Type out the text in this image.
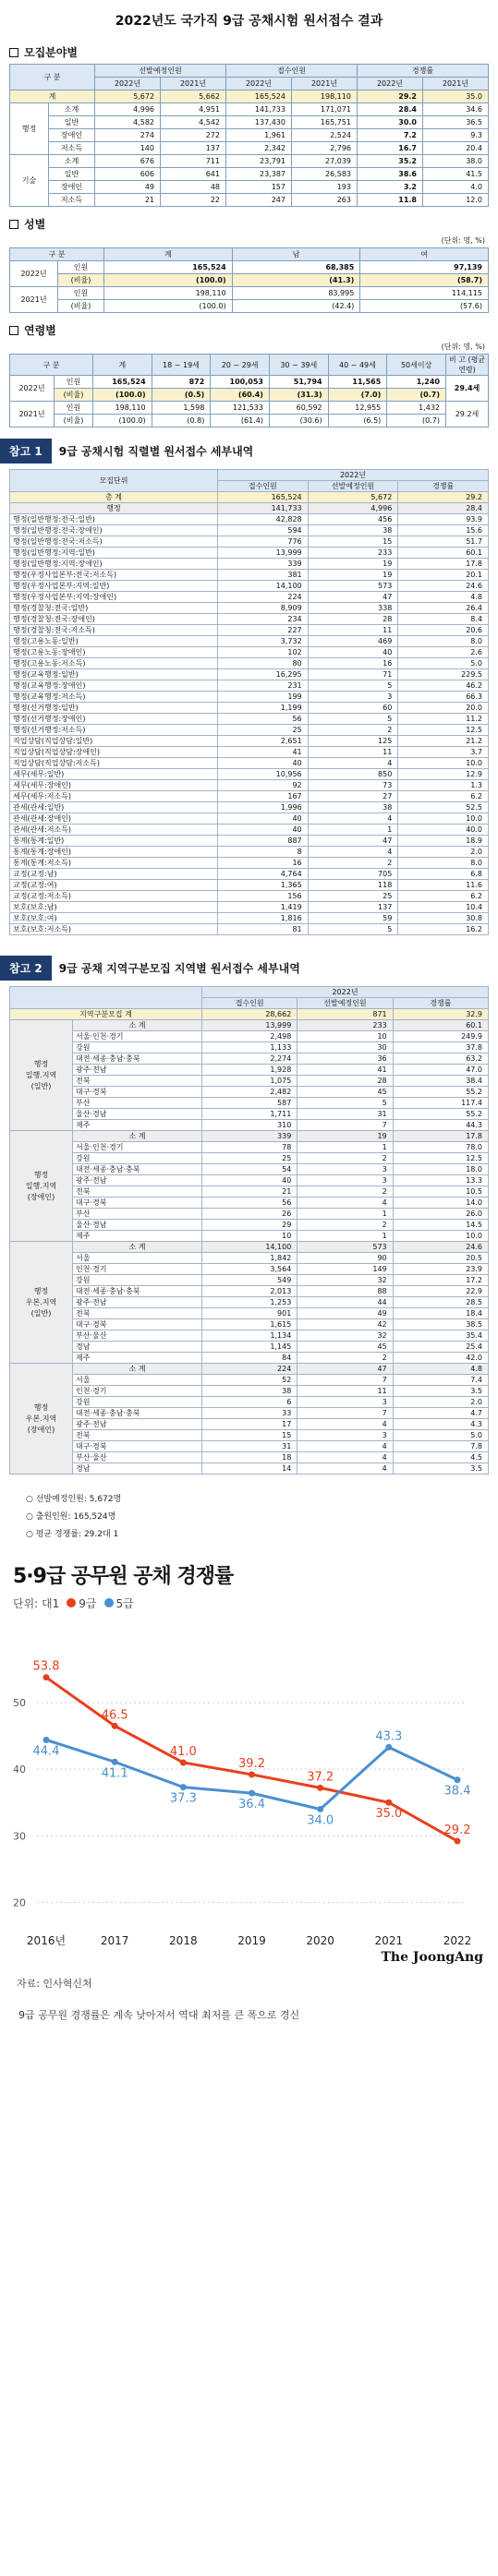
2022년도 국가직 9급 공채시험 원서접수 결과
모집분야별
구 분		선발예정인원		접수인원		경쟁률	
		2022년	2021년	2022년	2021년	2022년	2021년
계		5,672	5,662	165,524	198,110	29.2	35.0
행정	소계	4,996	4,951	141,733	171,071	28.4	34.6
	일반	4,582	4,542	137,430	165,751	30.0	36.5
	장애인	274	272	1,961	2,524	7.2	9.3
	저소득	140	137	2,342	2,796	16.7	20.4
기술	소계	676	711	23,791	27,039	35.2	38.0
	일반	606	641	23,387	26,583	38.6	41.5
	장애인	49	48	157	193	3.2	4.0
	저소득	21	22	247	263	11.8	12.0
성별
(단위: 명, %)
구 분		계	남	여
2022년	인원	165,524	68,385	97,139
	(비율)	(100.0)	(41.3)	(58.7)
2021년	인원	198,110	83,995	114,115
	(비율)	(100.0)	(42.4)	(57.6)
연령별
(단위: 명, %)
구 분		계	18 ~ 19세	20 ~ 29세	30 ~ 39세	40 ~ 49세	50세이상	비 고 (평균연령)
2022년	인원	165,524	872	100,053	51,794	11,565	1,240	29.4세
	(비율)	(100.0)	(0.5)	(60.4)	(31.3)	(7.0)	(0.7)	
2021년	인원	198,110	1,598	121,533	60,592	12,955	1,432	29.2세
	(비율)	(100.0)	(0.8)	(61.4)	(30.6)	(6.5)	(0.7)	
참고 1	9급 공채시험 직렬별 원서접수 세부내역
모집단위	2022년		
	접수인원	선발예정인원	경쟁률
총 계	165,524	5,672	29.2
행정	141,733	4,996	28.4
행정(일반행정:전국:일반)	42,828	456	93.9
행정(일반행정:전국:장애인)	594	38	15.6
행정(일반행정:전국:저소득)	776	15	51.7
행정(일반행정:지역:일반)	13,999	233	60.1
행정(일반행정:지역:장애인)	339	19	17.8
행정(우정사업본부:전국:저소득)	381	19	20.1
행정(우정사업본부:지역:일반)	14,100	573	24.6
행정(우정사업본부:지역:장애인)	224	47	4.8
행정(경찰청:전국:일반)	8,909	338	26.4
행정(경찰청:전국:장애인)	234	28	8.4
행정(경찰청:전국:저소득)	227	11	20.6
행정(고용노동:일반)	3,732	469	8.0
행정(고용노동:장애인)	102	40	2.6
행정(고용노동:저소득)	80	16	5.0
행정(교육행정:일반)	16,295	71	229.5
행정(교육행정:장애인)	231	5	46.2
행정(교육행정:저소득)	199	3	66.3
행정(선거행정:일반)	1,199	60	20.0
행정(선거행정:장애인)	56	5	11.2
행정(선거행정:저소득)	25	2	12.5
직업상담(직업상담:일반)	2,651	125	21.2
직업상담(직업상담:장애인)	41	11	3.7
직업상담(직업상담:저소득)	40	4	10.0
세무(세무:일반)	10,956	850	12.9
세무(세무:장애인)	92	73	1.3
세무(세무:저소득)	167	27	6.2
관세(관세:일반)	1,996	38	52.5
관세(관세:장애인)	40	4	10.0
관세(관세:저소득)	40	1	40.0
통계(통계:일반)	887	47	18.9
통계(통계:장애인)	8	4	2.0
통계(통계:저소득)	16	2	8.0
교정(교정:남)	4,764	705	6.8
교정(교정:여)	1,365	118	11.6
교정(교정:저소득)	156	25	6.2
보호(보호:남)	1,419	137	10.4
보호(보호:여)	1,816	59	30.8
보호(보호:저소득)	81	5	16.2
참고 2	9급 공채 지역구분모집 지역별 원서접수 세부내역
		2022년		
		접수인원	선발예정인원	경쟁률
지역구분모집 계		28,662	871	32.9

행정
일행.지역
(일반)	소 계	13,999	233	60.1
	서울·인천·경기	2,498	10	249.9
	강원	1,133	30	37.8
	대전·세종·충남·충북	2,274	36	63.2
	광주·전남	1,928	41	47.0
	전북	1,075	28	38.4
	대구·경북	2,482	45	55.2
	부산	587	5	117.4
	울산·경남	1,711	31	55.2
	제주	310	7	44.3

행정
일행.지역
(장애인)	소 계	339	19	17.8
	서울·인천·경기	78	1	78.0
	강원	25	2	12.5
	대전·세종·충남·충북	54	3	18.0
	광주·전남	40	3	13.3
	전북	21	2	10.5
	대구·경북	56	4	14.0
	부산	26	1	26.0
	울산·경남	29	2	14.5
	제주	10	1	10.0

행정
우본.지역
(일반)	소 계	14,100	573	24.6
	서울	1,842	90	20.5
	인천·경기	3,564	149	23.9
	강원	549	32	17.2
	대전·세종·충남·충북	2,013	88	22.9
	광주·전남	1,253	44	28.5
	전북	901	49	18.4
	대구·경북	1,615	42	38.5
	부산·울산	1,134	32	35.4
	경남	1,145	45	25.4
	제주	84	2	42.0

행정
우본.지역
(장애인)	소 계	224	47	4.8
	서울	52	7	7.4
	인천·경기	38	11	3.5
	강원	6	3	2.0
	대전·세종·충남·충북	33	7	4.7
	광주·전남	17	4	4.3
	전북	15	3	5.0
	대구·경북	31	4	7.8
	부산·울산	18	4	4.5
	경남	14	4	3.5
○ 선발예정인원: 5,672명
○ 출원인원: 165,524명
○ 평균 경쟁률: 29.2대 1
5·9급 공무원 공채 경쟁률
단위: 대1	9급	5급
20
30
40
50
2016년	2017	2018	2019	2020	2021	2022
53.8
46.5
41.0
39.2
37.2
35.0
29.2
44.4
41.1
37.3	36.4
34.0
43.3
38.4
The JoongAng
자료: 인사혁신처
9급 공무원 경쟁률은 계속 낮아져서 역대 최저를 큰 폭으로 경신
